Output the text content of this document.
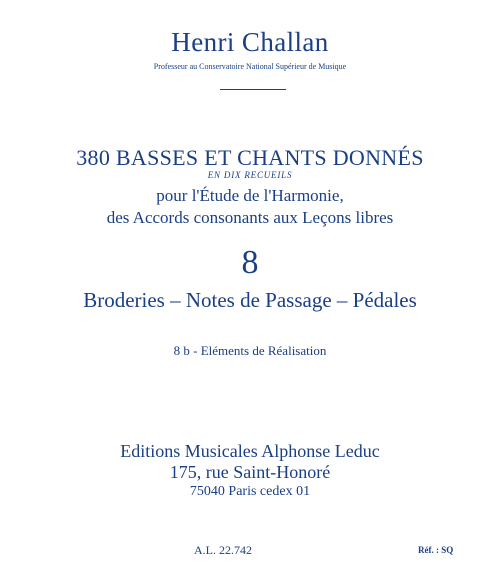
Henri Challan
Professeur au Conservatoire National Supérieur de Musique
380 BASSES ET CHANTS DONNÉS
EN DIX RECUEILS
pour l'Étude de l'Harmonie,
des Accords consonants aux Leçons libres
8
Broderies – Notes de Passage – Pédales
8 b - Eléments de Réalisation
Editions Musicales Alphonse Leduc
175, rue Saint-Honoré
75040 Paris cedex 01
A.L. 22.742	Réf. : SQ
